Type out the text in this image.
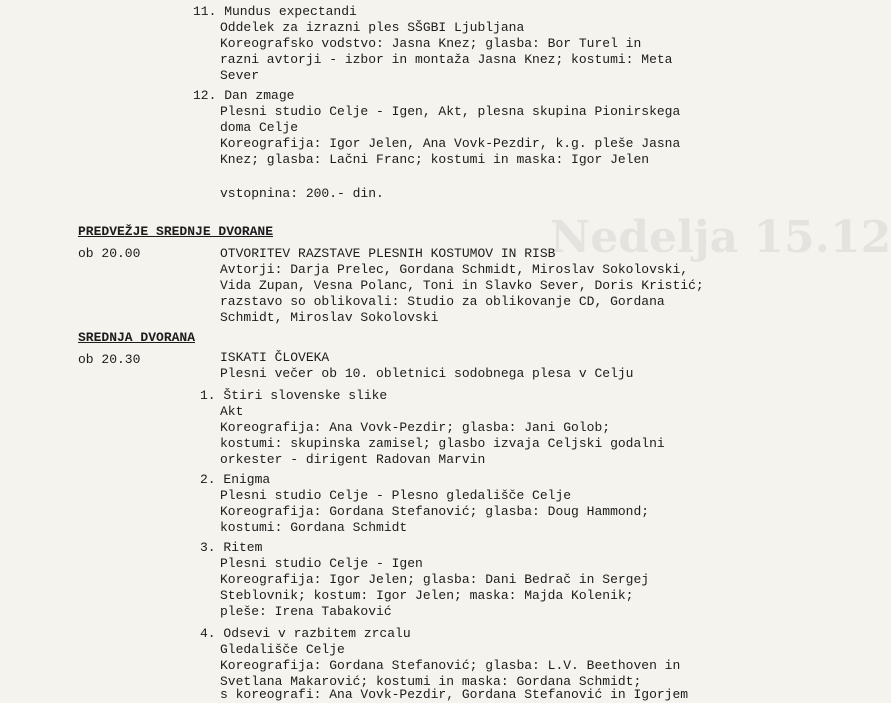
Nedelja 15.12
11. Mundus expectandi
Oddelek za izrazni ples SŠGBI Ljubljana
Koreografsko vodstvo: Jasna Knez; glasba: Bor Turel in
razni avtorji - izbor in montaža Jasna Knez; kostumi: Meta
Sever
12. Dan zmage
Plesni studio Celje - Igen, Akt, plesna skupina Pionirskega
doma Celje
Koreografija: Igor Jelen, Ana Vovk-Pezdir, k.g. pleše Jasna
Knez; glasba: Lačni Franc; kostumi in maska: Igor Jelen
vstopnina: 200.- din.
PREDVEŽJE SREDNJE DVORANE
ob 20.00	OTVORITEV RAZSTAVE PLESNIH KOSTUMOV IN RISB
Avtorji: Darja Prelec, Gordana Schmidt, Miroslav Sokolovski,
Vida Zupan, Vesna Polanc, Toni in Slavko Sever, Doris Kristić;
razstavo so oblikovali: Studio za oblikovanje CD, Gordana
Schmidt, Miroslav Sokolovski
SREDNJA DVORANA
ob 20.30	ISKATI ČLOVEKA
Plesni večer ob 10. obletnici sodobnega plesa v Celju
1. Štiri slovenske slike
Akt
Koreografija: Ana Vovk-Pezdir; glasba: Jani Golob;
kostumi: skupinska zamisel; glasbo izvaja Celjski godalni
orkester - dirigent Radovan Marvin
2. Enigma
Plesni studio Celje - Plesno gledališče Celje
Koreografija: Gordana Stefanović; glasba: Doug Hammond;
kostumi: Gordana Schmidt
3. Ritem
Plesni studio Celje - Igen
Koreografija: Igor Jelen; glasba: Dani Bedrač in Sergej
Steblovnik; kostum: Igor Jelen; maska: Majda Kolenik;
pleše: Irena Tabaković
4. Odsevi v razbitem zrcalu
Gledališče Celje
Koreografija: Gordana Stefanović; glasba: L.V. Beethoven in
Svetlana Makarović; kostumi in maska: Gordana Schmidt;
s koreografi: Ana Vovk-Pezdir, Gordana Stefanović in Igorjem
